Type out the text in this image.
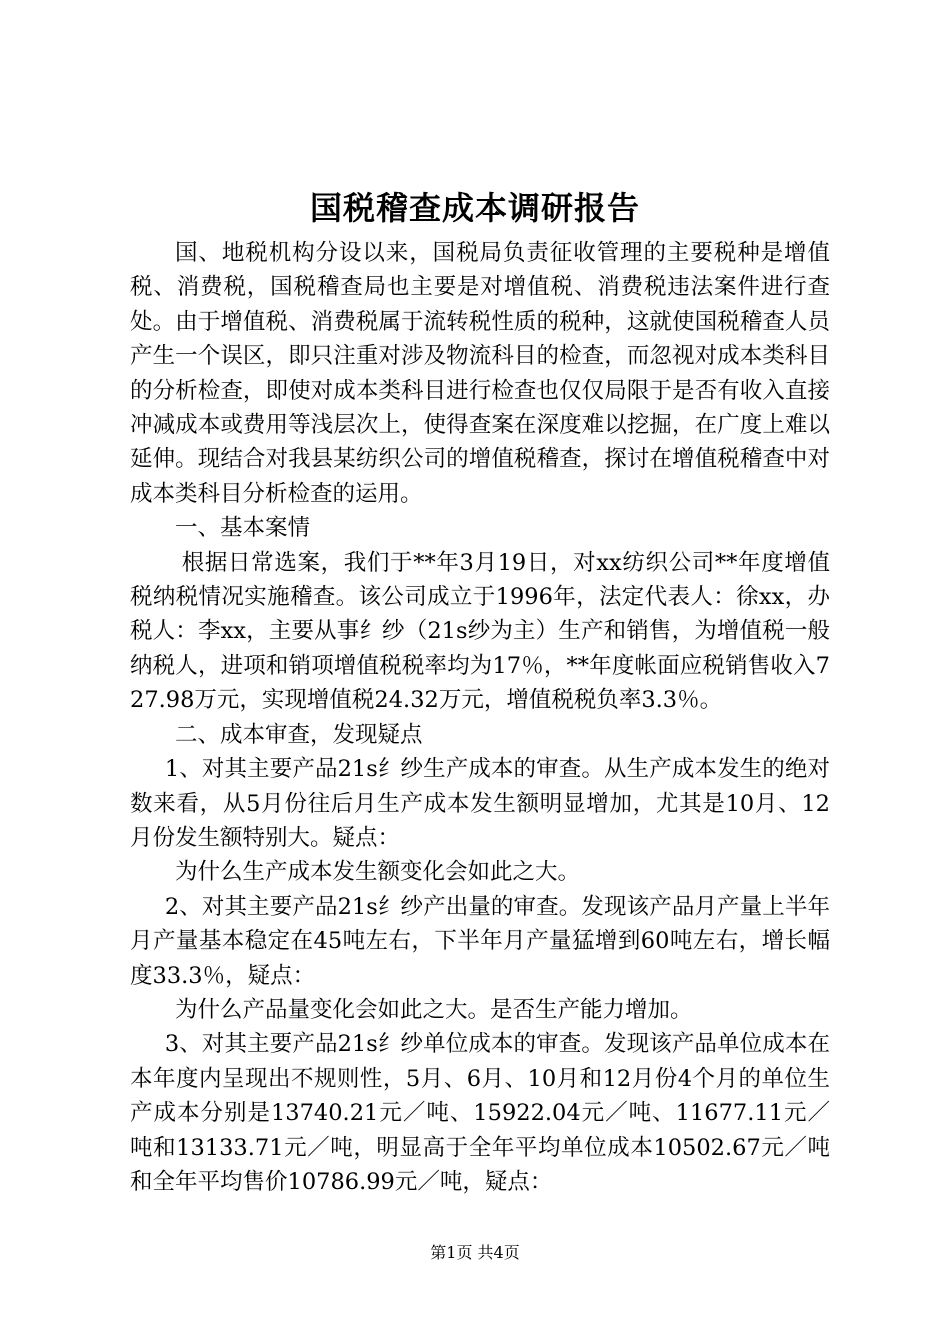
国税稽查成本调研报告

国、地税机构分设以来，国税局负责征收管理的主要税种是增值税、消费税，国税稽查局也主要是对增值税、消费税违法案件进行查处。由于增值税、消费税属于流转税性质的税种，这就使国税稽查人员产生一个误区，即只注重对涉及物流科目的检查，而忽视对成本类科目的分析检查，即使对成本类科目进行检查也仅仅局限于是否有收入直接冲减成本或费用等浅层次上，使得查案在深度难以挖掘，在广度上难以延伸。现结合对我县某纺织公司的增值税稽查，探讨在增值税稽查中对成本类科目分析检查的运用。

一、基本案情

根据日常选案，我们于**年3月19日，对xx纺织公司**年度增值税纳税情况实施稽查。该公司成立于1996年，法定代表人：徐xx，办税人：李xx，主要从事纟纱（21s纱为主）生产和销售，为增值税一般纳税人，进项和销项增值税税率均为17％，**年度帐面应税销售收入727.98万元，实现增值税24.32万元，增值税税负率3.3％。

二、成本审查，发现疑点

1、对其主要产品21s纟纱生产成本的审查。从生产成本发生的绝对数来看，从5月份往后月生产成本发生额明显增加，尤其是10月、12月份发生额特别大。疑点：

为什么生产成本发生额变化会如此之大。

2、对其主要产品21s纟纱产出量的审查。发现该产品月产量上半年月产量基本稳定在45吨左右，下半年月产量猛增到60吨左右，增长幅度33.3％，疑点：

为什么产品量变化会如此之大。是否生产能力增加。

3、对其主要产品21s纟纱单位成本的审查。发现该产品单位成本在本年度内呈现出不规则性，5月、6月、10月和12月份4个月的单位生产成本分别是13740.21元／吨、15922.04元／吨、11677.11元／吨和13133.71元／吨，明显高于全年平均单位成本10502.67元／吨和全年平均售价10786.99元／吨，疑点：

第1页 共4页
